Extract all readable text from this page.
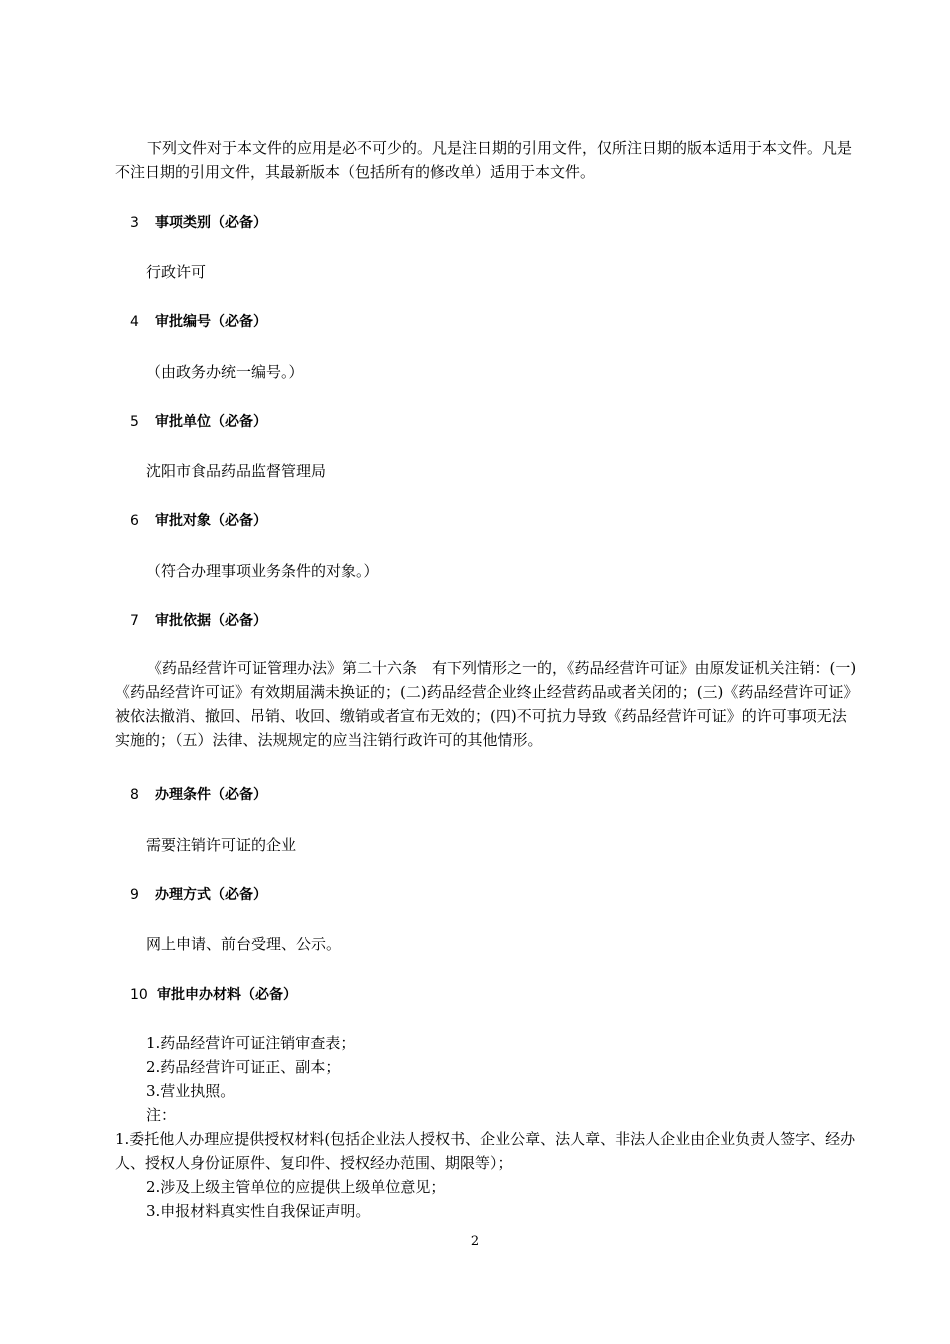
下列文件对于本文件的应用是必不可少的。凡是注日期的引用文件，仅所注日期的版本适用于本文件。凡是不注日期的引用文件，其最新版本（包括所有的修改单）适用于本文件。

3 事项类别（必备）

行政许可

4 审批编号（必备）

（由政务办统一编号。）

5 审批单位（必备）

沈阳市食品药品监督管理局

6 审批对象（必备）

（符合办理事项业务条件的对象。）

7 审批依据（必备）

《药品经营许可证管理办法》第二十六条　有下列情形之一的，《药品经营许可证》由原发证机关注销：(一)《药品经营许可证》有效期届满未换证的；(二)药品经营企业终止经营药品或者关闭的；(三)《药品经营许可证》被依法撤消、撤回、吊销、收回、缴销或者宣布无效的；(四)不可抗力导致《药品经营许可证》的许可事项无法实施的；（五）法律、法规规定的应当注销行政许可的其他情形。

8 办理条件（必备）

需要注销许可证的企业

9 办理方式（必备）

网上申请、前台受理、公示。

10 审批申办材料（必备）
1.药品经营许可证注销审查表；
2.药品经营许可证正、副本；
3.营业执照。
注：
1.委托他人办理应提供授权材料(包括企业法人授权书、企业公章、法人章、非法人企业由企业负责人签字、经办人、授权人身份证原件、复印件、授权经办范围、期限等）；
2.涉及上级主管单位的应提供上级单位意见；
3.申报材料真实性自我保证声明。
2
